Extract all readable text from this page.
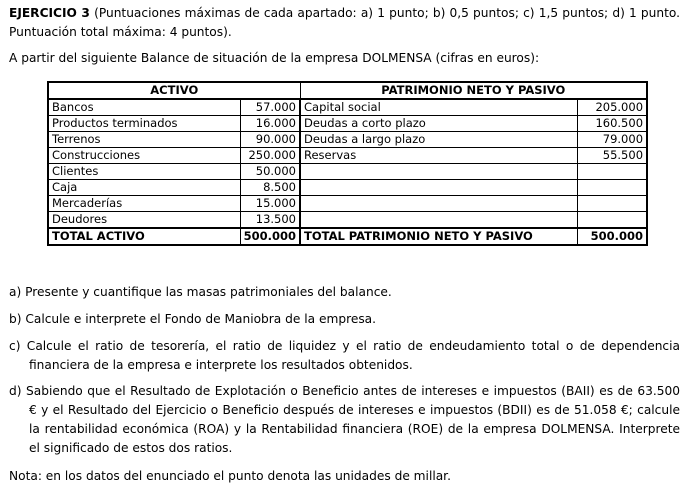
EJERCICIO 3 (Puntuaciones máximas de cada apartado: a) 1 punto; b) 0,5 puntos; c) 1,5 puntos; d) 1 punto. Puntuación total máxima: 4 puntos).

A partir del siguiente Balance de situación de la empresa DOLMENSA (cifras en euros):

ACTIVO		PATRIMONIO NETO Y PASIVO	
Bancos	57.000	Capital social	205.000
Productos terminados	16.000	Deudas a corto plazo	160.500
Terrenos	90.000	Deudas a largo plazo	79.000
Construcciones	250.000	Reservas	55.500
Clientes	50.000		
Caja	8.500		
Mercaderías	15.000		
Deudores	13.500		
TOTAL ACTIVO	500.000	TOTAL PATRIMONIO NETO Y PASIVO	500.000

a) Presente y cuantifique las masas patrimoniales del balance.

b) Calcule e interprete el Fondo de Maniobra de la empresa.

c) Calcule el ratio de tesorería, el ratio de liquidez y el ratio de endeudamiento total o de dependencia financiera de la empresa e interprete los resultados obtenidos.

d) Sabiendo que el Resultado de Explotación o Beneficio antes de intereses e impuestos (BAII) es de 63.500 € y el Resultado del Ejercicio o Beneficio después de intereses e impuestos (BDII) es de 51.058 €; calcule la rentabilidad económica (ROA) y la Rentabilidad financiera (ROE) de la empresa DOLMENSA. Interprete el significado de estos dos ratios.

Nota: en los datos del enunciado el punto denota las unidades de millar.
